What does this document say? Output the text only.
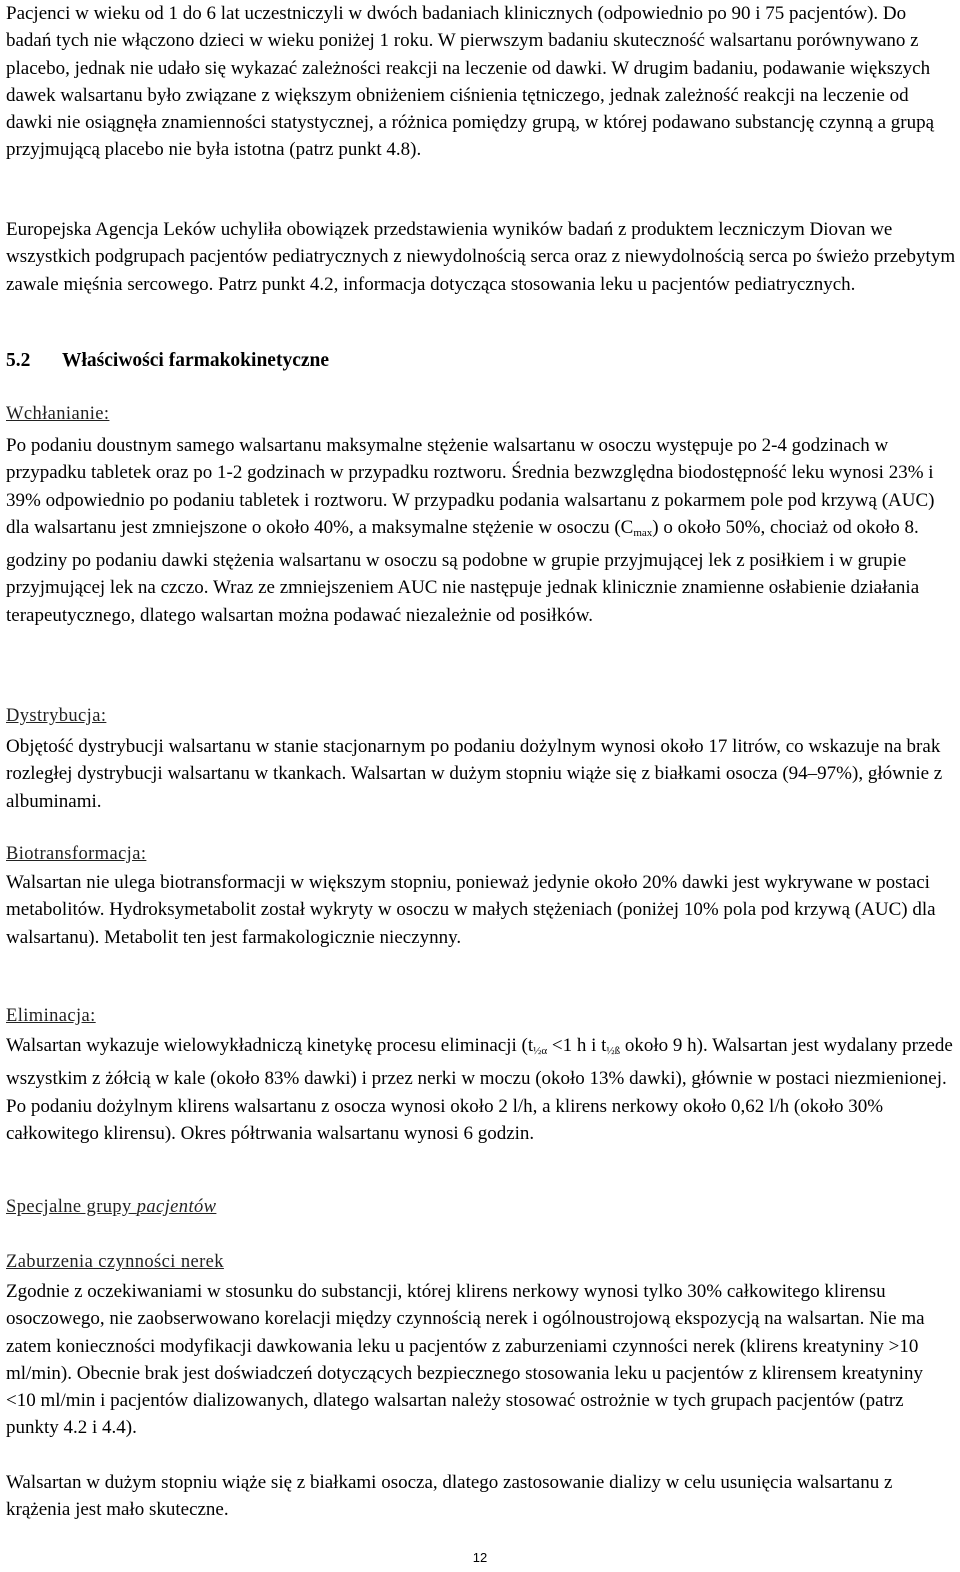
Pacjenci w wieku od 1 do 6 lat uczestniczyli w dwóch badaniach klinicznych (odpowiednio po 90 i 75 pacjentów). Do badań tych nie włączono dzieci w wieku poniżej 1 roku. W pierwszym badaniu skuteczność walsartanu porównywano z placebo, jednak nie udało się wykazać zależności reakcji na leczenie od dawki. W drugim badaniu, podawanie większych dawek walsartanu było związane z większym obniżeniem ciśnienia tętniczego, jednak zależność reakcji na leczenie od dawki nie osiągnęła znamienności statystycznej, a różnica pomiędzy grupą, w której podawano substancję czynną a grupą przyjmującą placebo nie była istotna (patrz punkt 4.8).
Europejska Agencja Leków uchyliła obowiązek przedstawienia wyników badań z produktem leczniczym Diovan we wszystkich podgrupach pacjentów pediatrycznych z niewydolnością serca oraz z niewydolnością serca po świeżo przebytym zawale mięśnia sercowego. Patrz punkt 4.2, informacja dotycząca stosowania leku u pacjentów pediatrycznych.
5.2 Właściwości farmakokinetyczne
Wchłanianie:
Po podaniu doustnym samego walsartanu maksymalne stężenie walsartanu w osoczu występuje po 2-4 godzinach w przypadku tabletek oraz po 1-2 godzinach w przypadku roztworu. Średnia bezwzględna biodostępność leku wynosi 23% i 39% odpowiednio po podaniu tabletek i roztworu. W przypadku podania walsartanu z pokarmem pole pod krzywą (AUC) dla walsartanu jest zmniejszone o około 40%, a maksymalne stężenie w osoczu $(C_{max})$ o około 50%, chociaż od około 8. godziny po podaniu dawki stężenia walsartanu w osoczu są podobne w grupie przyjmującej lek z posiłkiem i w grupie przyjmującej lek na czczo. Wraz ze zmniejszeniem AUC nie następuje jednak klinicznie znamienne osłabienie działania terapeutycznego, dlatego walsartan można podawać niezależnie od posiłków.
Dystrybucja:
Objętość dystrybucji walsartanu w stanie stacjonarnym po podaniu dożylnym wynosi około 17 litrów, co wskazuje na brak rozległej dystrybucji walsartanu w tkankach. Walsartan w dużym stopniu wiąże się z białkami osocza (94–97%), głównie z albuminami.
Biotransformacja:
Walsartan nie ulega biotransformacji w większym stopniu, ponieważ jedynie około 20% dawki jest wykrywane w postaci metabolitów. Hydroksymetabolit został wykryty w osoczu w małych stężeniach (poniżej 10% pola pod krzywą (AUC) dla walsartanu). Metabolit ten jest farmakologicznie nieczynny.
Eliminacja:
Walsartan wykazuje wielowykładniczą kinetykę procesu eliminacji ($t_{\frac{1}{2}\alpha} <1$ h i $t_{\frac{1}{2}ß}$ około 9 h). Walsartan jest wydalany przede wszystkim z żółcią w kale (około 83% dawki) i przez nerki w moczu (około 13% dawki), głównie w postaci niezmienionej. Po podaniu dożylnym klirens walsartanu z osocza wynosi około 2 l/h, a klirens nerkowy około 0,62 l/h (około 30% całkowitego klirensu). Okres półtrwania walsartanu wynosi 6 godzin.
Specjalne grupy pacjentów
Zaburzenia czynności nerek
Zgodnie z oczekiwaniami w stosunku do substancji, której klirens nerkowy wynosi tylko 30% całkowitego klirensu osoczowego, nie zaobserwowano korelacji między czynnością nerek i ogólnoustrojową ekspozycją na walsartan. Nie ma zatem konieczności modyfikacji dawkowania leku u pacjentów z zaburzeniami czynności nerek (klirens kreatyniny >10 ml/min). Obecnie brak jest doświadczeń dotyczących bezpiecznego stosowania leku u pacjentów z klirensem kreatyniny <10 ml/min i pacjentów dializowanych, dlatego walsartan należy stosować ostrożnie w tych grupach pacjentów (patrz punkty 4.2 i 4.4).
Walsartan w dużym stopniu wiąże się z białkami osocza, dlatego zastosowanie dializy w celu usunięcia walsartanu z krążenia jest mało skuteczne.
12
